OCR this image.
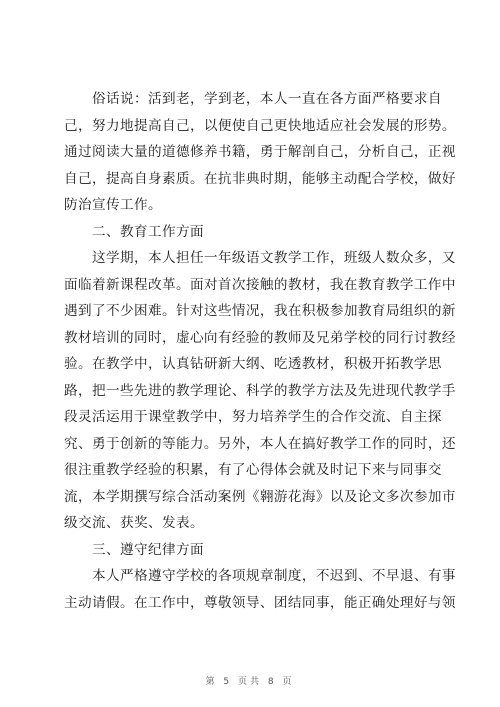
俗话说：活到老，学到老，本人一直在各方面严格要求自
己，努力地提高自己，以便使自己更快地适应社会发展的形势。
通过阅读大量的道德修养书籍，勇于解剖自己，分析自己，正视
自己，提高自身素质。在抗非典时期，能够主动配合学校，做好
防治宣传工作。
二、教育工作方面
这学期，本人担任一年级语文教学工作，班级人数众多，又
面临着新课程改革。面对首次接触的教材，我在教育教学工作中
遇到了不少困难。针对这些情况，我在积极参加教育局组织的新
教材培训的同时，虚心向有经验的教师及兄弟学校的同行讨教经
验。在教学中，认真钻研新大纲、吃透教材，积极开拓教学思
路，把一些先进的教学理论、科学的教学方法及先进现代教学手
段灵活运用于课堂教学中，努力培养学生的合作交流、自主探
究、勇于创新的等能力。另外，本人在搞好教学工作的同时，还
很注重教学经验的积累，有了心得体会就及时记下来与同事交
流，本学期撰写综合活动案例《翱游花海》以及论文多次参加市
级交流、获奖、发表。
三、遵守纪律方面
本人严格遵守学校的各项规章制度，不迟到、不早退、有事
主动请假。在工作中，尊敬领导、团结同事，能正确处理好与领

第 5 页共 8 页
